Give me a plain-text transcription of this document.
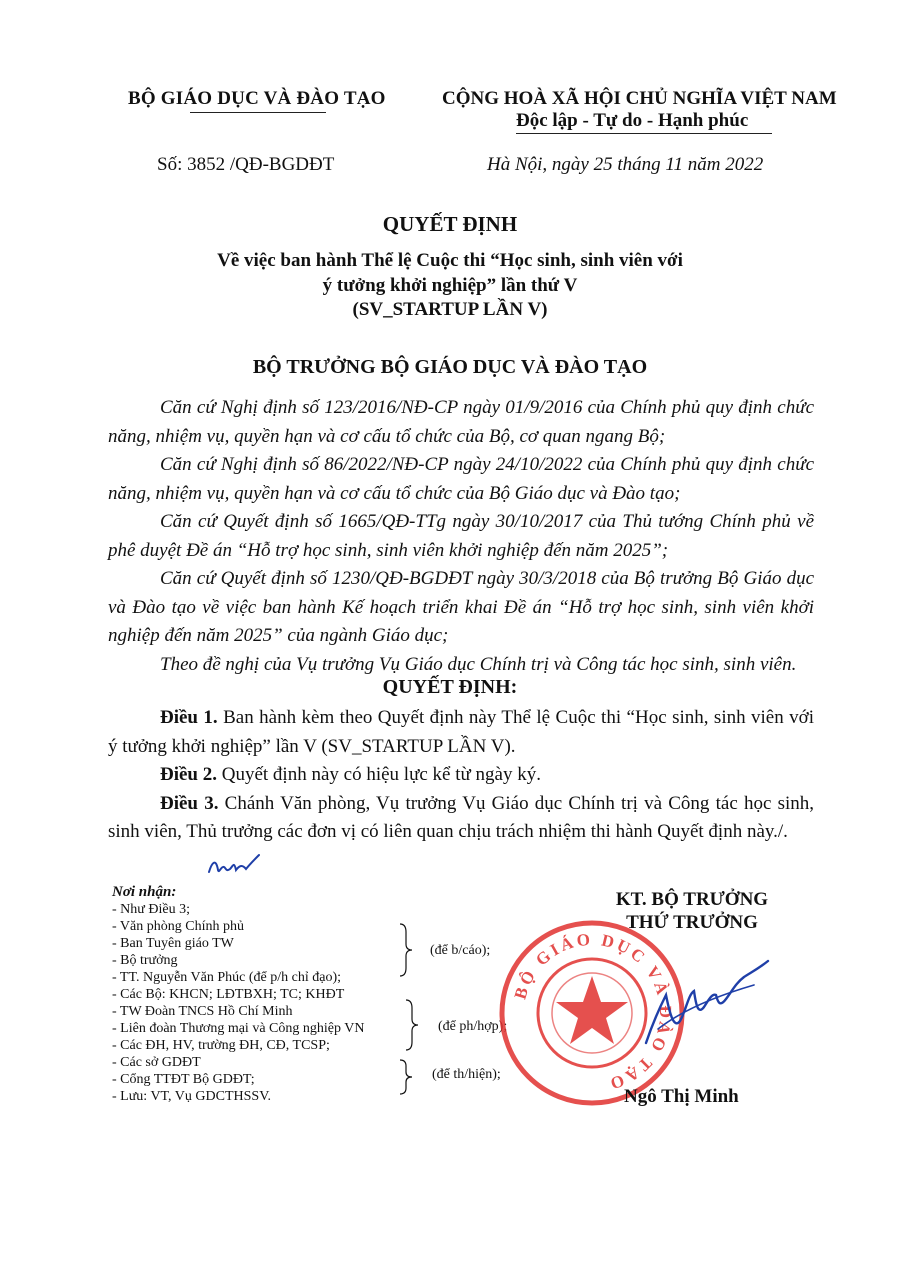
BỘ GIÁO DỤC VÀ ĐÀO TẠO	CỘNG HOÀ XÃ HỘI CHỦ NGHĨA VIỆT NAM
Độc lập - Tự do - Hạnh phúc
Số: 3852 /QĐ-BGDĐT	Hà Nội, ngày 25 tháng 11 năm 2022
QUYẾT ĐỊNH
Về việc ban hành Thể lệ Cuộc thi “Học sinh, sinh viên với
ý tưởng khởi nghiệp” lần thứ V
(SV_STARTUP LẦN V)
BỘ TRƯỞNG BỘ GIÁO DỤC VÀ ĐÀO TẠO

Căn cứ Nghị định số 123/2016/NĐ-CP ngày 01/9/2016 của Chính phủ quy định chức năng, nhiệm vụ, quyền hạn và cơ cấu tổ chức của Bộ, cơ quan ngang Bộ;

Căn cứ Nghị định số 86/2022/NĐ-CP ngày 24/10/2022 của Chính phủ quy định chức năng, nhiệm vụ, quyền hạn và cơ cấu tổ chức của Bộ Giáo dục và Đào tạo;

Căn cứ Quyết định số 1665/QĐ-TTg ngày 30/10/2017 của Thủ tướng Chính phủ về phê duyệt Đề án “Hỗ trợ học sinh, sinh viên khởi nghiệp đến năm 2025”;

Căn cứ Quyết định số 1230/QĐ-BGDĐT ngày 30/3/2018 của Bộ trưởng Bộ Giáo dục và Đào tạo về việc ban hành Kế hoạch triển khai Đề án “Hỗ trợ học sinh, sinh viên khởi nghiệp đến năm 2025” của ngành Giáo dục;

Theo đề nghị của Vụ trưởng Vụ Giáo dục Chính trị và Công tác học sinh, sinh viên.

QUYẾT ĐỊNH:

Điều 1. Ban hành kèm theo Quyết định này Thể lệ Cuộc thi “Học sinh, sinh viên với ý tưởng khởi nghiệp” lần V (SV_STARTUP LẦN V).

Điều 2. Quyết định này có hiệu lực kể từ ngày ký.

Điều 3. Chánh Văn phòng, Vụ trưởng Vụ Giáo dục Chính trị và Công tác học sinh, sinh viên, Thủ trưởng các đơn vị có liên quan chịu trách nhiệm thi hành Quyết định này./.

Nơi nhận:
- Như Điều 3;
- Văn phòng Chính phủ
- Ban Tuyên giáo TW
- Bộ trưởng
- TT. Nguyễn Văn Phúc (để p/h chỉ đạo);
- Các Bộ: KHCN; LĐTBXH; TC; KHĐT
- TW Đoàn TNCS Hồ Chí Minh
- Liên đoàn Thương mại và Công nghiệp VN
- Các ĐH, HV, trường ĐH, CĐ, TCSP;
- Các sở GDĐT
- Cổng TTĐT Bộ GDĐT;
- Lưu: VT, Vụ GDCTHSSV.
(để b/cáo);
(để ph/hợp);
(để th/hiện);
KT. BỘ TRƯỞNG
THỨ TRƯỞNG
BỘ GIÁO DỤC VÀ ĐÀO TẠO
Ngô Thị Minh
